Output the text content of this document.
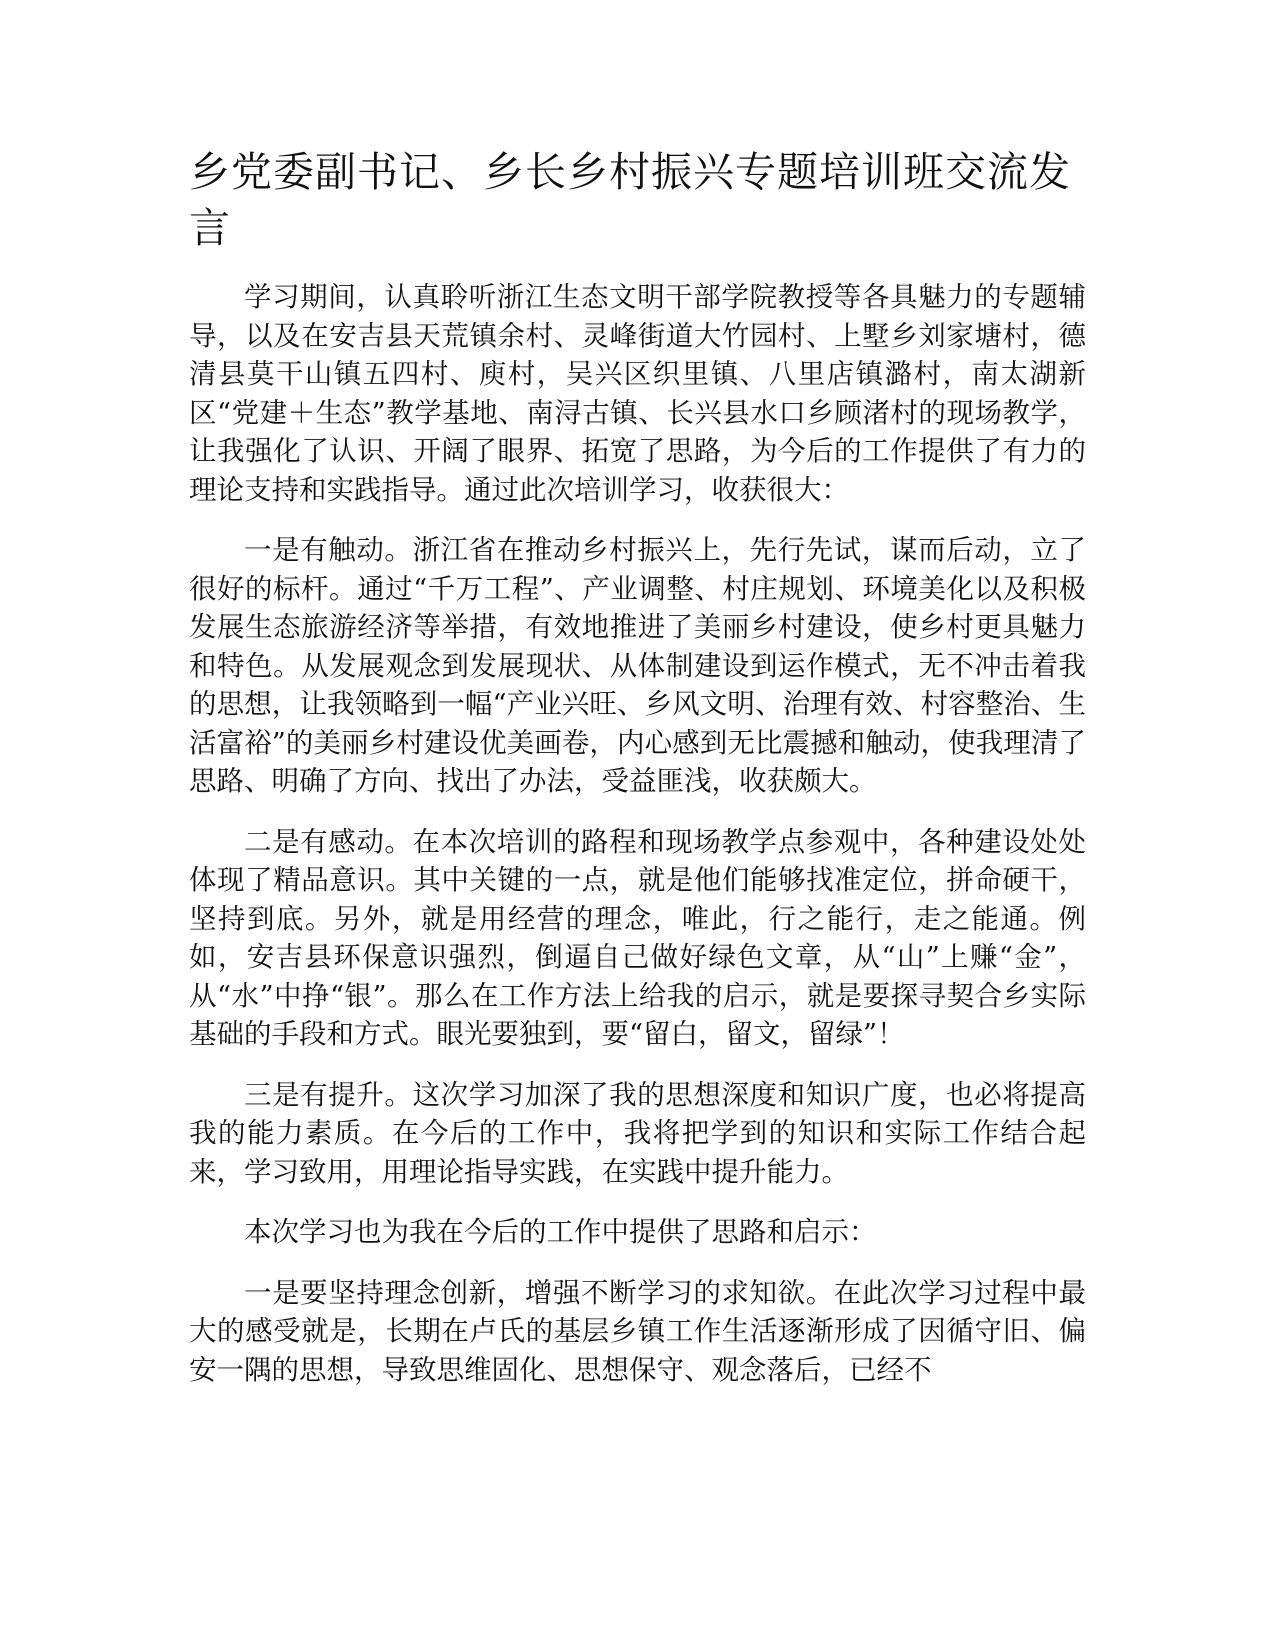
乡党委副书记、乡长乡村振兴专题培训班交流发言

学习期间，认真聆听浙江生态文明干部学院教授等各具魅力的专题辅导，以及在安吉县天荒镇余村、灵峰街道大竹园村、上墅乡刘家塘村，德清县莫干山镇五四村、庾村，吴兴区织里镇、八里店镇潞村，南太湖新区“党建＋生态”教学基地、南浔古镇、长兴县水口乡顾渚村的现场教学，让我强化了认识、开阔了眼界、拓宽了思路，为今后的工作提供了有力的理论支持和实践指导。通过此次培训学习，收获很大：

一是有触动。浙江省在推动乡村振兴上，先行先试，谋而后动，立了很好的标杆。通过“千万工程”、产业调整、村庄规划、环境美化以及积极发展生态旅游经济等举措，有效地推进了美丽乡村建设，使乡村更具魅力和特色。从发展观念到发展现状、从体制建设到运作模式，无不冲击着我的思想，让我领略到一幅“产业兴旺、乡风文明、治理有效、村容整治、生活富裕”的美丽乡村建设优美画卷，内心感到无比震撼和触动，使我理清了思路、明确了方向、找出了办法，受益匪浅，收获颇大。

二是有感动。在本次培训的路程和现场教学点参观中，各种建设处处体现了精品意识。其中关键的一点，就是他们能够找准定位，拼命硬干，坚持到底。另外，就是用经营的理念，唯此，行之能行，走之能通。例如，安吉县环保意识强烈，倒逼自己做好绿色文章，从“山”上赚“金”，从“水”中挣“银”。那么在工作方法上给我的启示，就是要探寻契合乡实际基础的手段和方式。眼光要独到，要“留白，留文，留绿”！

三是有提升。这次学习加深了我的思想深度和知识广度，也必将提高我的能力素质。在今后的工作中，我将把学到的知识和实际工作结合起来，学习致用，用理论指导实践，在实践中提升能力。

本次学习也为我在今后的工作中提供了思路和启示：

一是要坚持理念创新，增强不断学习的求知欲。在此次学习过程中最大的感受就是，长期在卢氏的基层乡镇工作生活逐渐形成了因循守旧、偏安一隅的思想，导致思维固化、思想保守、观念落后，已经不
